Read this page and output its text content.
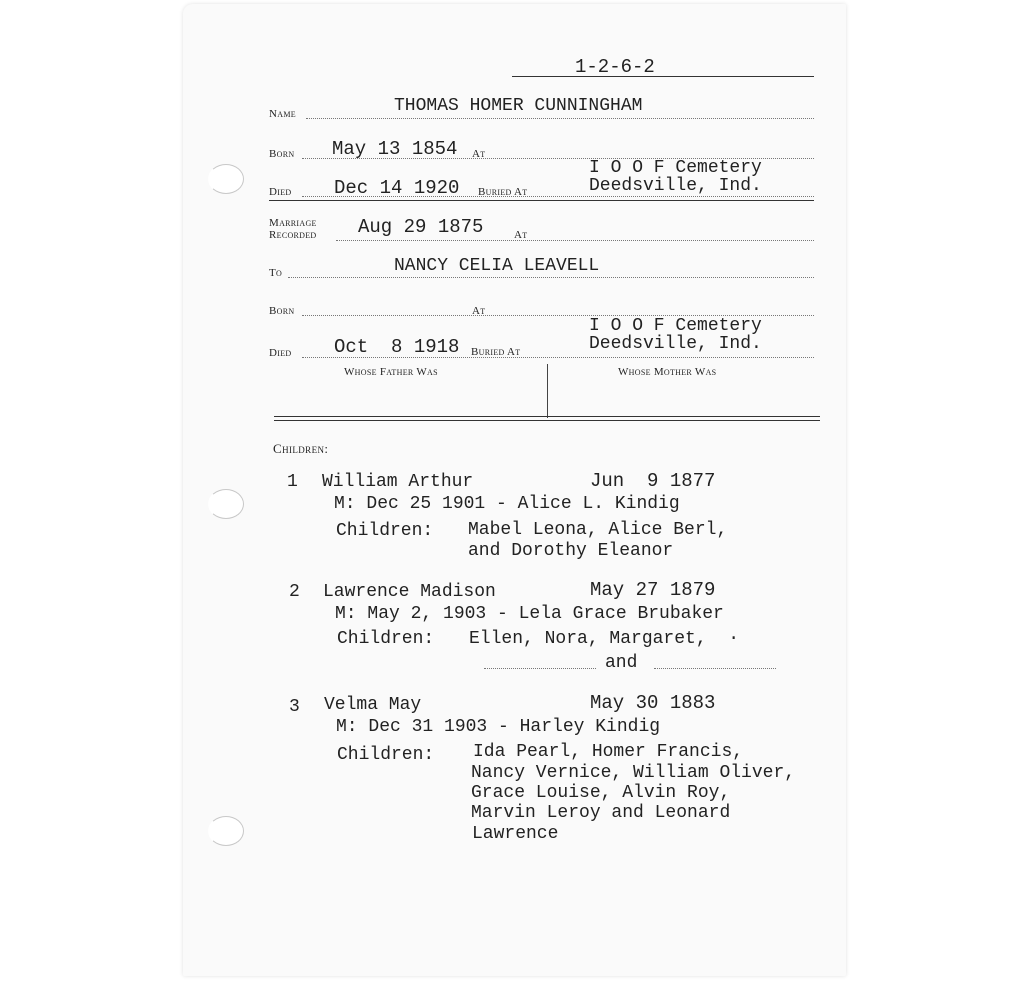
1-2-6-2
Name	THOMAS HOMER CUNNINGHAM
Born May 13 1854 At
Died Dec 14 1920 Buried At
I O O F Cemetery
Deedsville, Ind.
Marriage
Recorded Aug 29 1875	At
To	NANCY CELIA LEAVELL
Born	At
Died Oct  8 1918 Buried At
I O O F Cemetery
Deedsville, Ind.
Whose Father Was	Whose Mother Was
Children:
1 William Arthur	Jun  9 1877
M: Dec 25 1901 - Alice L. Kindig
Children: Mabel Leona, Alice Berl,
and Dorothy Eleanor
2 Lawrence Madison	May 27 1879
M: May 2, 1903 - Lela Grace Brubaker
Children: Ellen, Nora, Margaret,  ·
and
3 Velma May	May 30 1883
M: Dec 31 1903 - Harley Kindig
Children: Ida Pearl, Homer Francis,
Nancy Vernice, William Oliver,
Grace Louise, Alvin Roy,
Marvin Leroy and Leonard
Lawrence
